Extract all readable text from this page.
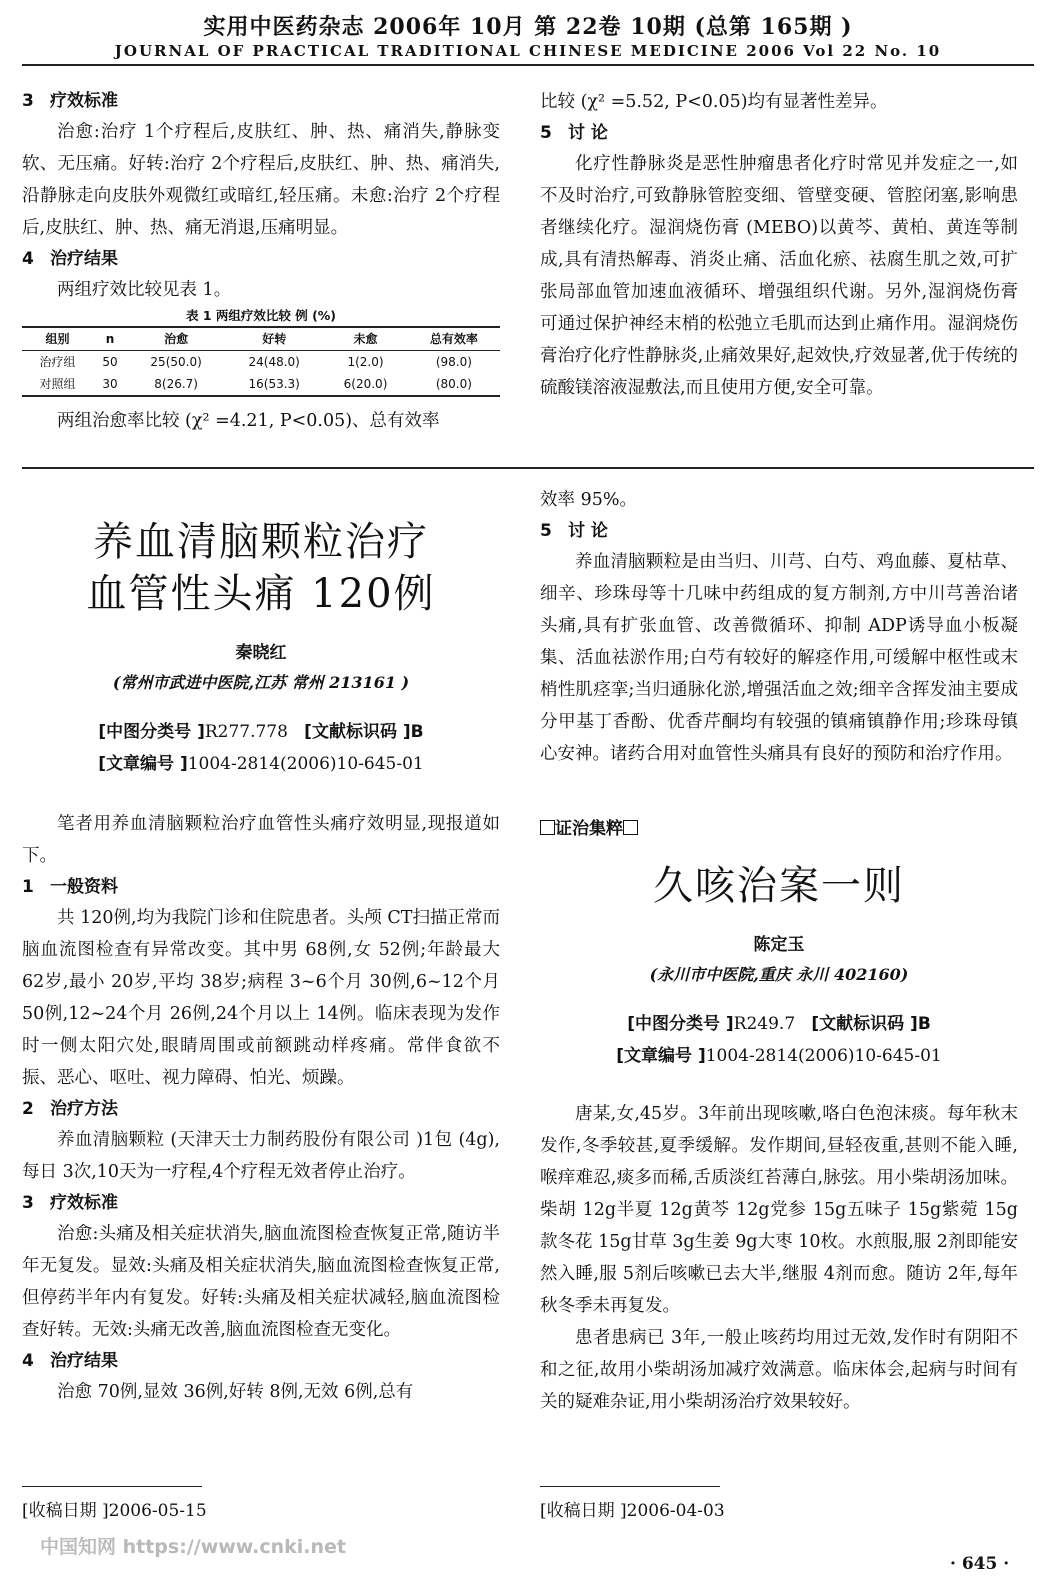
实用中医药杂志 2006年 10月 第 22卷 10期 (总第 165期 )
JOURNAL OF PRACTICAL TRADITIONAL CHINESE MEDICINE 2006 Vol 22 No. 10
3 疗效标准

治愈:治疗 1个疗程后,皮肤红、肿、热、痛消失,静脉变软、无压痛。好转:治疗 2个疗程后,皮肤红、肿、热、痛消失,沿静脉走向皮肤外观微红或暗红,轻压痛。未愈:治疗 2个疗程后,皮肤红、肿、热、痛无消退,压痛明显。

4 治疗结果

两组疗效比较见表 1。

表 1 两组疗效比较 例 (%)
组别	n	治愈	好转	未愈	总有效率
治疗组	50	25(50.0)	24(48.0)	1(2.0)	(98.0)
对照组	30	8(26.7)	16(53.3)	6(20.0)	(80.0)

两组治愈率比较 (χ² =4.21, P<0.05)、总有效率

比较 (χ² =5.52, P<0.05)均有显著性差异。
5 讨 论

化疗性静脉炎是恶性肿瘤患者化疗时常见并发症之一,如不及时治疗,可致静脉管腔变细、管壁变硬、管腔闭塞,影响患者继续化疗。湿润烧伤膏 (MEBO)以黄芩、黄柏、黄连等制成,具有清热解毒、消炎止痛、活血化瘀、祛腐生肌之效,可扩张局部血管加速血液循环、增强组织代谢。另外,湿润烧伤膏可通过保护神经末梢的松弛立毛肌而达到止痛作用。湿润烧伤膏治疗化疗性静脉炎,止痛效果好,起效快,疗效显著,优于传统的硫酸镁溶液湿敷法,而且使用方便,安全可靠。

养血清脑颗粒治疗
血管性头痛 120例
秦晓红
(常州市武进中医院,江苏 常州 213161 )
[中图分类号 ]R277.778 [文献标识码 ]B
[文章编号 ]1004-2814(2006)10-645-01

笔者用养血清脑颗粒治疗血管性头痛疗效明显,现报道如下。

1 一般资料

共 120例,均为我院门诊和住院患者。头颅 CT扫描正常而脑血流图检查有异常改变。其中男 68例,女 52例;年龄最大 62岁,最小 20岁,平均 38岁;病程 3~6个月 30例,6~12个月 50例,12~24个月 26例,24个月以上 14例。临床表现为发作时一侧太阳穴处,眼睛周围或前额跳动样疼痛。常伴食欲不振、恶心、呕吐、视力障碍、怕光、烦躁。

2 治疗方法

养血清脑颗粒 (天津天士力制药股份有限公司 )1包 (4g),每日 3次,10天为一疗程,4个疗程无效者停止治疗。

3 疗效标准

治愈:头痛及相关症状消失,脑血流图检查恢复正常,随访半年无复发。显效:头痛及相关症状消失,脑血流图检查恢复正常,但停药半年内有复发。好转:头痛及相关症状减轻,脑血流图检查好转。无效:头痛无改善,脑血流图检查无变化。

4 治疗结果

治愈 70例,显效 36例,好转 8例,无效 6例,总有

效率 95%。
5 讨 论

养血清脑颗粒是由当归、川芎、白芍、鸡血藤、夏枯草、细辛、珍珠母等十几味中药组成的复方制剂,方中川芎善治诸头痛,具有扩张血管、改善微循环、抑制 ADP诱导血小板凝集、活血祛淤作用;白芍有较好的解痉作用,可缓解中枢性或末梢性肌痉挛;当归通脉化淤,增强活血之效;细辛含挥发油主要成分甲基丁香酚、优香芹酮均有较强的镇痛镇静作用;珍珠母镇心安神。诸药合用对血管性头痛具有良好的预防和治疗作用。

证治集粹
久咳治案一则
陈定玉
(永川市中医院,重庆 永川 402160)
[中图分类号 ]R249.7 [文献标识码 ]B
[文章编号 ]1004-2814(2006)10-645-01

唐某,女,45岁。3年前出现咳嗽,咯白色泡沫痰。每年秋末发作,冬季较甚,夏季缓解。发作期间,昼轻夜重,甚则不能入睡,喉痒难忍,痰多而稀,舌质淡红苔薄白,脉弦。用小柴胡汤加味。柴胡 12g半夏 12g黄芩 12g党参 15g五味子 15g紫菀 15g款冬花 15g甘草 3g生姜 9g大枣 10枚。水煎服,服 2剂即能安然入睡,服 5剂后咳嗽已去大半,继服 4剂而愈。随访 2年,每年秋冬季未再复发。

患者患病已 3年,一般止咳药均用过无效,发作时有阴阳不和之征,故用小柴胡汤加减疗效满意。临床体会,起病与时间有关的疑难杂证,用小柴胡汤治疗效果较好。

[收稿日期 ]2006-05-15	[收稿日期 ]2006-04-03
中国知网 https://www.cnki.net
· 645 ·
